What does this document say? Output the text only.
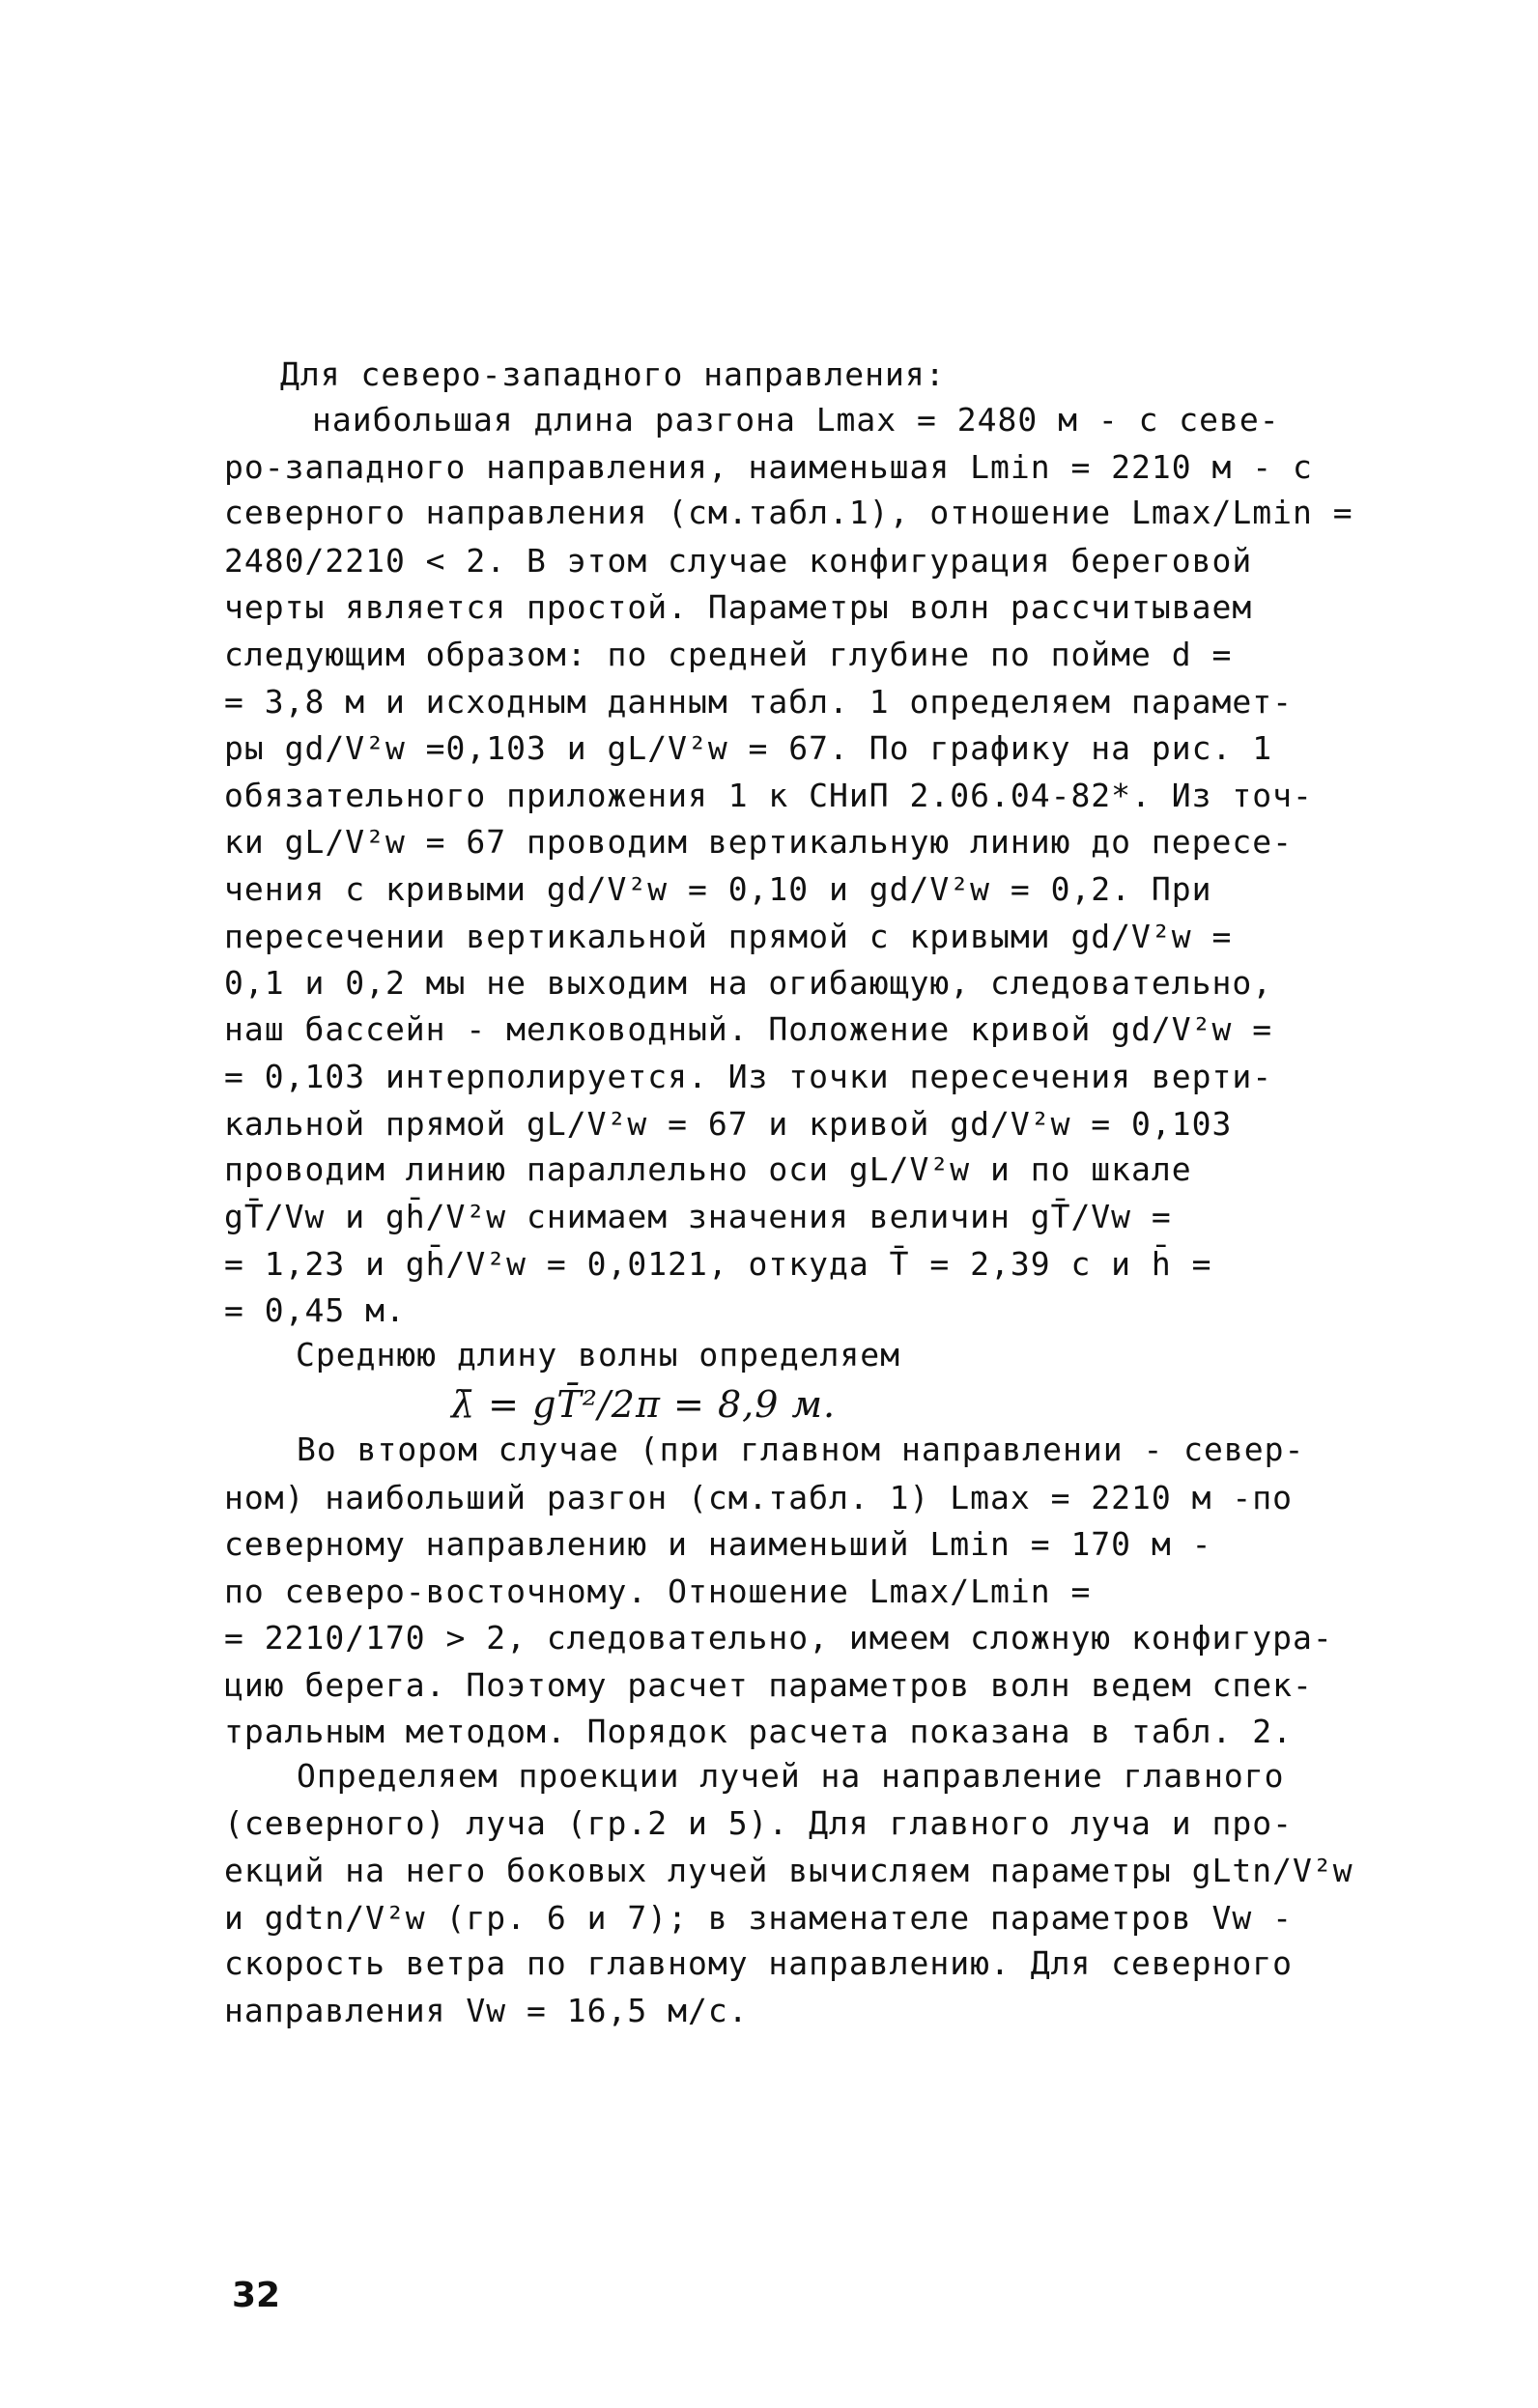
Для северо-западного направления:
наибольшая длина разгона Lmax = 2480 м - с севе-
ро-западного направления, наименьшая Lmin = 2210 м - с
северного направления (см.табл.1), отношение Lmax/Lmin =
2480/2210 < 2. В этом случае конфигурация береговой
черты является простой. Параметры волн рассчитываем
следующим образом: по средней глубине по пойме d =
= 3,8 м и исходным данным табл. 1 определяем парамет-
ры gd/V²w =0,103 и gL/V²w = 67. По графику на рис. 1
обязательного приложения 1 к СНиП 2.06.04-82*. Из точ-
ки gL/V²w = 67 проводим вертикальную линию до пересе-
чения с кривыми gd/V²w = 0,10 и gd/V²w = 0,2. При
пересечении вертикальной прямой с кривыми gd/V²w =
0,1 и 0,2 мы не выходим на огибающую, следовательно,
наш бассейн - мелководный. Положение кривой gd/V²w =
= 0,103 интерполируется. Из точки пересечения верти-
кальной прямой gL/V²w = 67 и кривой gd/V²w = 0,103
проводим линию параллельно оси gL/V²w и по шкале
gT̄/Vw и gh̄/V²w снимаем значения величин gT̄/Vw =
= 1,23 и gh̄/V²w = 0,0121, откуда T̄ = 2,39 с и h̄ =
= 0,45 м.
Среднюю длину волны определяем
λ̄ = gT̄²/2π = 8,9 м.
Во втором случае (при главном направлении - север-
ном) наибольший разгон (см.табл. 1) Lmax = 2210 м -по
северному направлению и наименьший Lmin = 170 м -
по северо-восточному. Отношение Lmax/Lmin =
= 2210/170 > 2, следовательно, имеем сложную конфигура-
цию берега. Поэтому расчет параметров волн ведем спек-
тральным методом. Порядок расчета показана в табл. 2.
Определяем проекции лучей на направление главного
(северного) луча (гр.2 и 5). Для главного луча и про-
екций на него боковых лучей вычисляем параметры gLtn/V²w
и gdtn/V²w (гр. 6 и 7); в знаменателе параметров Vw -
скорость ветра по главному направлению. Для северного
направления Vw = 16,5 м/с.
32
